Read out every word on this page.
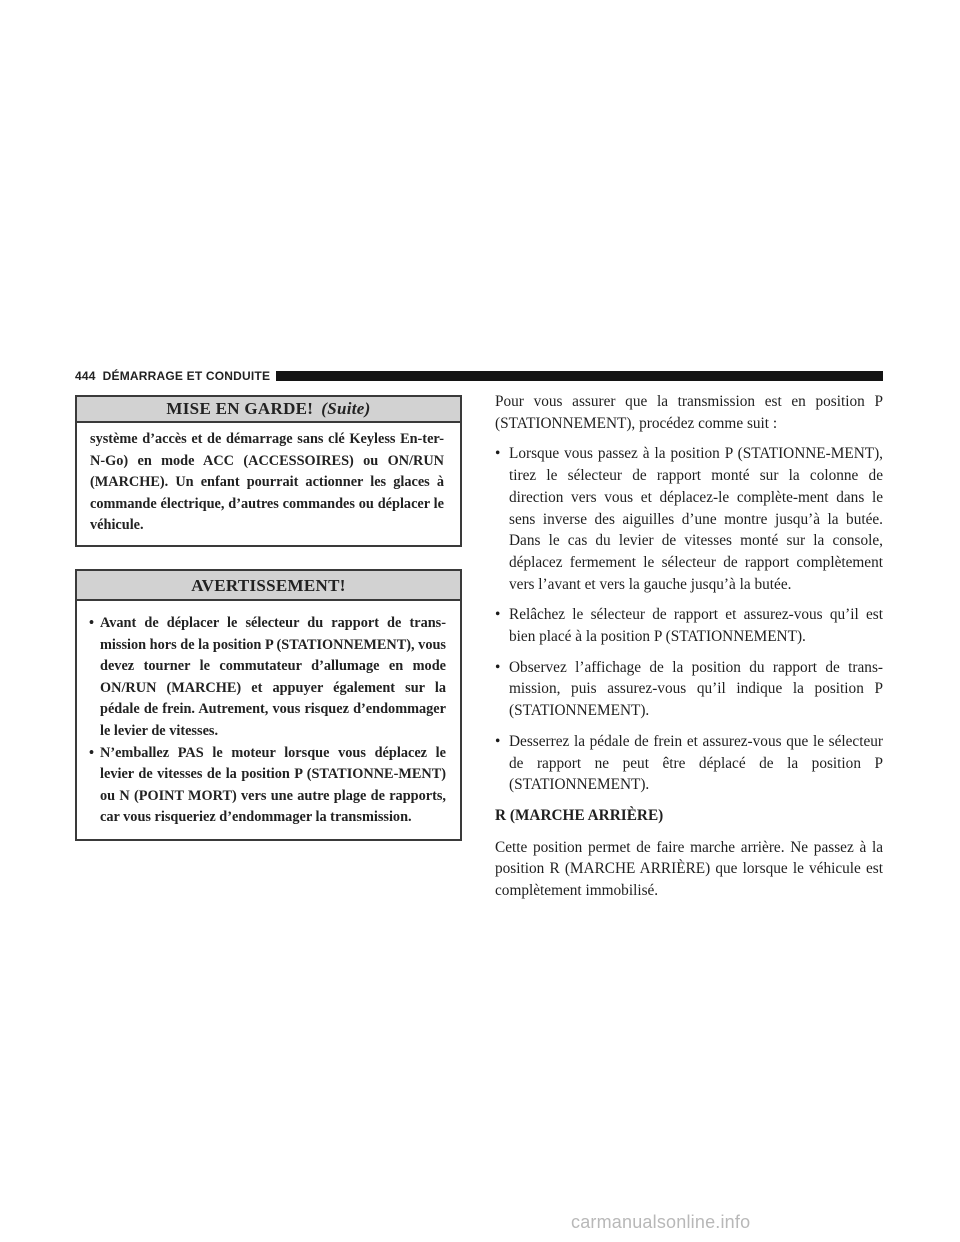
444 DÉMARRAGE ET CONDUITE
MISE EN GARDE! (Suite)
système d’accès et de démarrage sans clé Keyless En-ter-N-Go) en mode ACC (ACCESSOIRES) ou ON/RUN (MARCHE). Un enfant pourrait actionner les glaces à commande électrique, d’autres commandes ou déplacer le véhicule.
AVERTISSEMENT!
• Avant de déplacer le sélecteur du rapport de trans-mission hors de la position P (STATIONNEMENT), vous devez tourner le commutateur d’allumage en mode ON/RUN (MARCHE) et appuyer également sur la pédale de frein. Autrement, vous risquez d’endommager le levier de vitesses.
• N’emballez PAS le moteur lorsque vous déplacez le levier de vitesses de la position P (STATIONNE-MENT) ou N (POINT MORT) vers une autre plage de rapports, car vous risqueriez d’endommager la transmission.

Pour vous assurer que la transmission est en position P (STATIONNEMENT), procédez comme suit :

• Lorsque vous passez à la position P (STATIONNE-MENT), tirez le sélecteur de rapport monté sur la colonne de direction vers vous et déplacez-le complète-ment dans le sens inverse des aiguilles d’une montre jusqu’à la butée. Dans le cas du levier de vitesses monté sur la console, déplacez fermement le sélecteur de rapport complètement vers l’avant et vers la gauche jusqu’à la butée.
• Relâchez le sélecteur de rapport et assurez-vous qu’il est bien placé à la position P (STATIONNEMENT).
• Observez l’affichage de la position du rapport de trans-mission, puis assurez-vous qu’il indique la position P (STATIONNEMENT).
• Desserrez la pédale de frein et assurez-vous que le sélecteur de rapport ne peut être déplacé de la position P (STATIONNEMENT).
R (MARCHE ARRIÈRE)

Cette position permet de faire marche arrière. Ne passez à la position R (MARCHE ARRIÈRE) que lorsque le véhicule est complètement immobilisé.

carmanualsonline.info
